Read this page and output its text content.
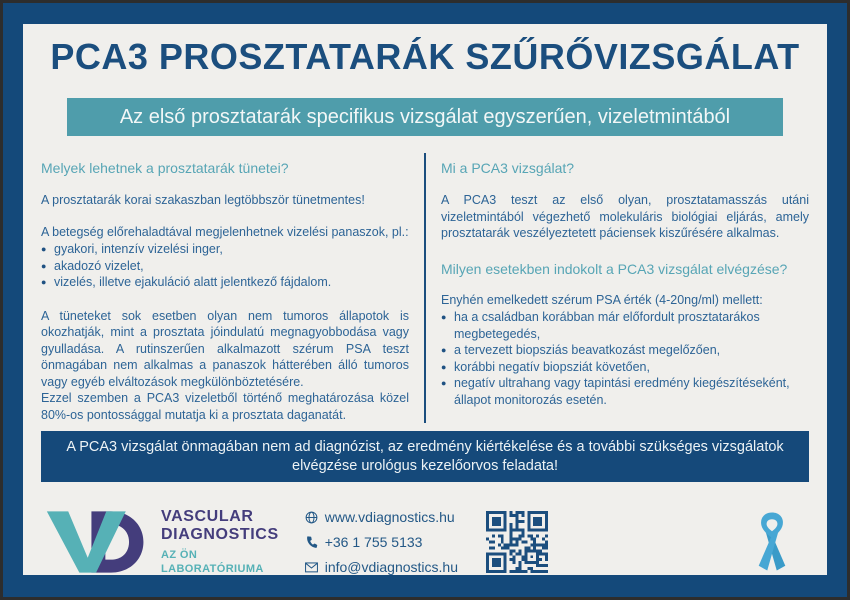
PCA3 PROSZTATARÁK SZŰRŐVIZSGÁLAT
Az első prosztatarák specifikus vizsgálat egyszerűen, vizeletmintából
Melyek lehetnek a prosztatarák tünetei?

A prosztatarák korai szakaszban legtöbbször tünetmentes!

A betegség előrehaladtával megjelenhetnek vizelési panaszok, pl.:

● gyakori, intenzív vizelési inger,
● akadozó vizelet,
● vizelés, illetve ejakuláció alatt jelentkező fájdalom.

A tüneteket sok esetben olyan nem tumoros állapotok is okozhatják, mint a prosztata jóindulatú megnagyobbodása vagy gyulladása. A rutinszerűen alkalmazott szérum PSA teszt önmagában nem alkalmas a panaszok hátterében álló tumoros vagy egyéb elváltozások megkülönböztetésére.

Ezzel szemben a PCA3 vizeletből történő meghatározása közel 80%-os pontossággal mutatja ki a prosztata daganatát.

Mi a PCA3 vizsgálat?

A PCA3 teszt az első olyan, prosztatamasszás utáni vizeletmintából végezhető molekuláris biológiai eljárás, amely prosztatarák veszélyeztetett páciensek kiszűrésére alkalmas.

Milyen esetekben indokolt a PCA3 vizsgálat elvégzése?

Enyhén emelkedett szérum PSA érték (4-20ng/ml) mellett:

● ha a családban korábban már előfordult prosztatarákos megbetegedés,
● a tervezett biopsziás beavatkozást megelőzően,
● korábbi negatív biopsziát követően,
● negatív ultrahang vagy tapintási eredmény kiegészítéseként, állapot monitorozás esetén.
A PCA3 vizsgálat önmagában nem ad diagnózist, az eredmény kiértékelése és a további szükséges vizsgálatok elvégzése urológus kezelőorvos feladata!
VASCULAR
DIAGNOSTICS
AZ ÖN
LABORATÓRIUMA
www.vdiagnostics.hu
+36 1 755 5133
info@vdiagnostics.hu
